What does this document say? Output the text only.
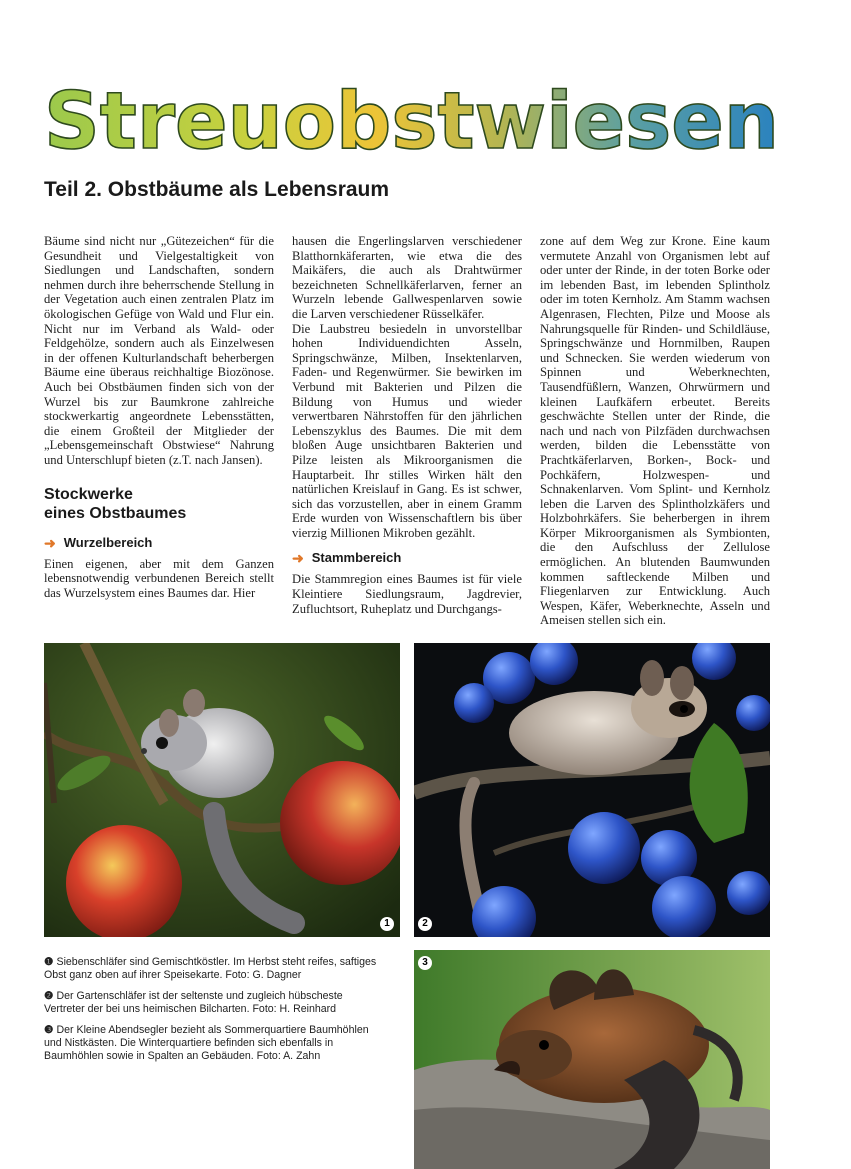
Streuobstwiesen
Teil 2. Obstbäume als Lebensraum

Bäume sind nicht nur „Gütezeichen“ für die Gesundheit und Vielgestaltigkeit von Siedlungen und Landschaften, sondern nehmen durch ihre beherrschende Stellung in der Vegetation auch einen zentralen Platz im ökologischen Gefüge von Wald und Flur ein. Nicht nur im Verband als Wald- oder Feldgehölze, sondern auch als Einzelwesen in der offenen Kulturlandschaft beherbergen Bäume eine überaus reichhaltige Biozönose. Auch bei Obstbäumen finden sich von der Wurzel bis zur Baumkrone zahlreiche stockwerkartig angeordnete Lebensstätten, die einem Großteil der Mitglieder der „Lebensgemeinschaft Obstwiese“ Nahrung und Unterschlupf bieten (z.T. nach Jansen).

Stockwerke
eines Obstbaumes
➜ Wurzelbereich

Einen eigenen, aber mit dem Ganzen lebensnotwendig verbundenen Bereich stellt das Wurzelsystem eines Baumes dar. Hier

hausen die Engerlingslarven verschiedener Blatthornkäferarten, wie etwa die des Maikäfers, die auch als Drahtwürmer bezeichneten Schnellkäferlarven, ferner an Wurzeln lebende Gallwespenlarven sowie die Larven verschiedener Rüsselkäfer.

Die Laubstreu besiedeln in unvorstellbar hohen Individuendichten Asseln, Springschwänze, Milben, Insektenlarven, Faden- und Regenwürmer. Sie bewirken im Verbund mit Bakterien und Pilzen die Bildung von Humus und wieder verwertbaren Nährstoffen für den jährlichen Lebenszyklus des Baumes. Die mit dem bloßen Auge unsichtbaren Bakterien und Pilze leisten als Mikroorganismen die Hauptarbeit. Ihr stilles Wirken hält den natürlichen Kreislauf in Gang. Es ist schwer, sich das vorzustellen, aber in einem Gramm Erde wurden von Wissenschaftlern bis über vierzig Millionen Mikroben gezählt.

➜ Stammbereich

Die Stammregion eines Baumes ist für viele Kleintiere Siedlungsraum, Jagdrevier, Zufluchtsort, Ruheplatz und Durchgangs-

zone auf dem Weg zur Krone. Eine kaum vermutete Anzahl von Organismen lebt auf oder unter der Rinde, in der toten Borke oder im lebenden Bast, im lebenden Splintholz oder im toten Kernholz. Am Stamm wachsen Algenrasen, Flechten, Pilze und Moose als Nahrungsquelle für Rinden- und Schildläuse, Springschwänze und Hornmilben, Raupen und Schnecken. Sie werden wiederum von Spinnen und Weberknechten, Tausendfüßlern, Wanzen, Ohrwürmern und kleinen Laufkäfern erbeutet. Bereits geschwächte Stellen unter der Rinde, die nach und nach von Pilzfäden durchwachsen werden, bilden die Lebensstätte von Prachtkäferlarven, Borken-, Bock- und Pochkäfern, Holzwespen- und Schnakenlarven. Vom Splint- und Kernholz leben die Larven des Splintholzkäfers und Holzbohrkäfers. Sie beherbergen in ihrem Körper Mikroorganismen als Symbionten, die den Aufschluss der Zellulose ermöglichen. An blutenden Baumwunden kommen saftleckende Milben und Fliegenlarven zur Entwicklung. Auch Wespen, Käfer, Weberknechte, Asseln und Ameisen stellen sich ein.

1	2
3

❶ Siebenschläfer sind Gemischtköstler. Im Herbst steht reifes, saftiges Obst ganz oben auf ihrer Speisekarte. Foto: G. Dagner

❷ Der Gartenschläfer ist der seltenste und zugleich hübscheste Vertreter der bei uns heimischen Bilcharten. Foto: H. Reinhard

❸ Der Kleine Abendsegler bezieht als Sommerquartiere Baumhöhlen und Nistkästen. Die Winterquartiere befinden sich ebenfalls in Baumhöhlen sowie in Spalten an Gebäuden. Foto: A. Zahn
